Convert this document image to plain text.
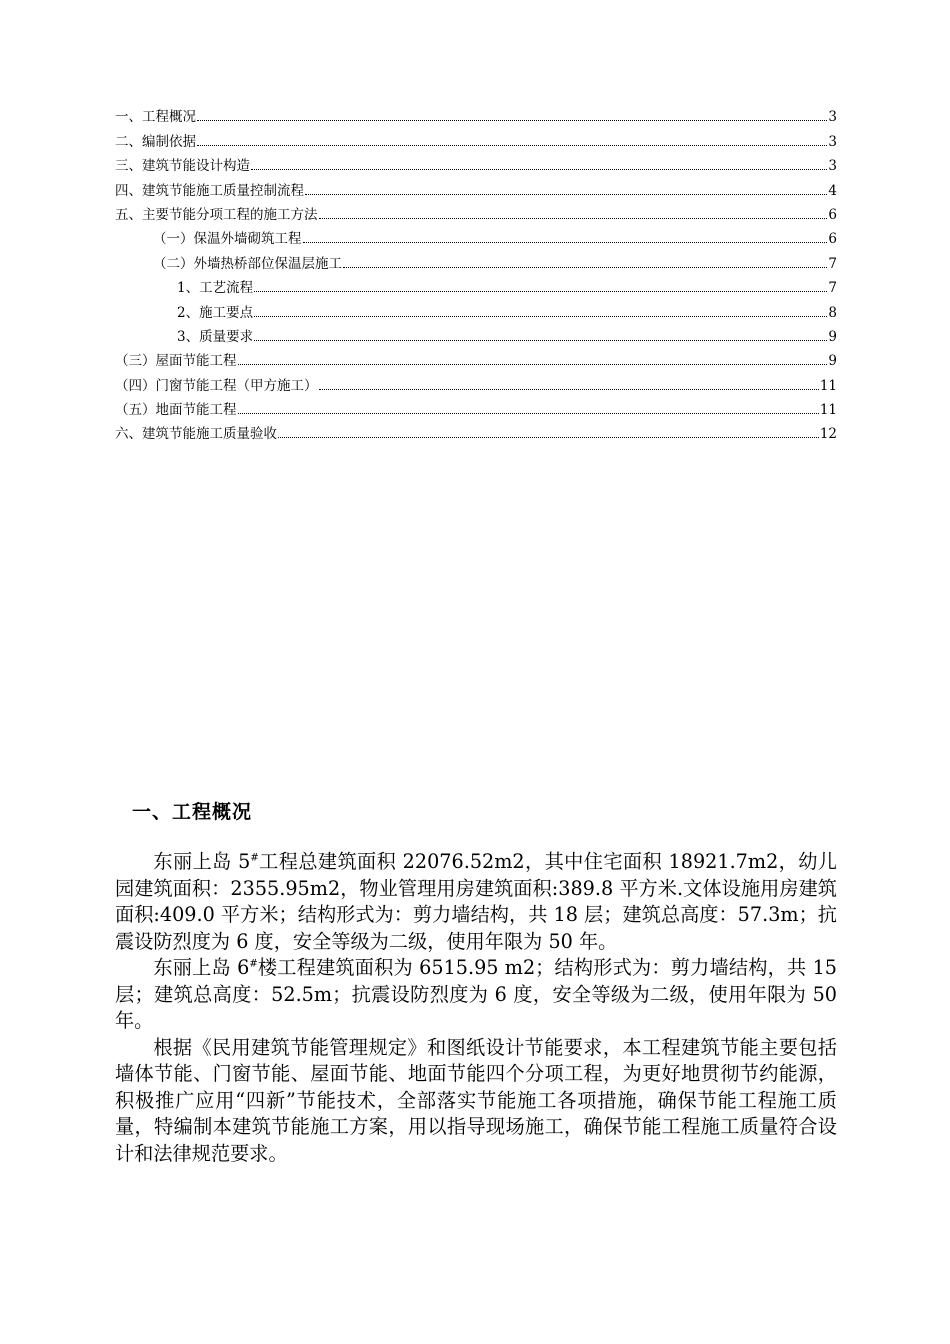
一、工程概况	3
二、编制依据	3
三、建筑节能设计构造	3
四、建筑节能施工质量控制流程	4
五、主要节能分项工程的施工方法	6
（一）保温外墙砌筑工程	6
（二）外墙热桥部位保温层施工	7
1、工艺流程	7
2、施工要点	8
3、质量要求	9
（三）屋面节能工程	9
（四）门窗节能工程（甲方施工）	11
（五）地面节能工程	11
六、建筑节能施工质量验收	12
一、工程概况

东丽上岛 5#工程总建筑面积 22076.52m2，其中住宅面积 18921.7m2，幼儿园建筑面积：2355.95m2，物业管理用房建筑面积:389.8 平方米.文体设施用房建筑面积:409.0 平方米；结构形式为：剪力墙结构，共 18 层；建筑总高度：57.3m；抗震设防烈度为 6 度，安全等级为二级，使用年限为 50 年。

东丽上岛 6#楼工程建筑面积为 6515.95 m2；结构形式为：剪力墙结构，共 15 层；建筑总高度：52.5m；抗震设防烈度为 6 度，安全等级为二级，使用年限为 50 年。

根据《民用建筑节能管理规定》和图纸设计节能要求，本工程建筑节能主要包括墙体节能、门窗节能、屋面节能、地面节能四个分项工程，为更好地贯彻节约能源，积极推广应用“四新”节能技术，全部落实节能施工各项措施，确保节能工程施工质量，特编制本建筑节能施工方案，用以指导现场施工，确保节能工程施工质量符合设计和法律规范要求。
